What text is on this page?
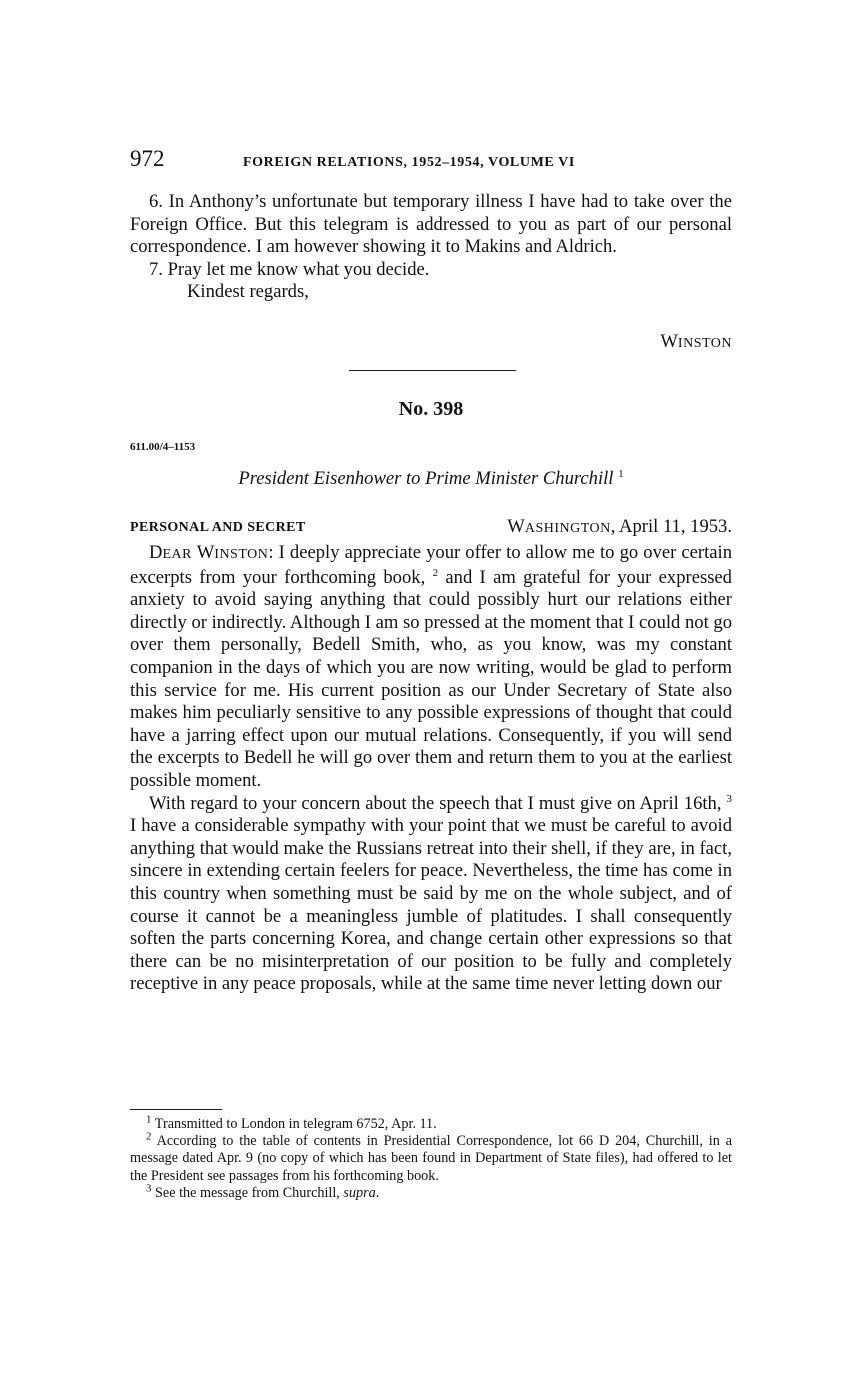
972	FOREIGN RELATIONS, 1952–1954, VOLUME VI

6. In Anthony’s unfortunate but temporary illness I have had to take over the Foreign Office. But this telegram is addressed to you as part of our personal correspondence. I am however showing it to Makins and Aldrich.

7. Pray let me know what you decide.

Kindest regards,

WINSTON
No. 398
611.00/4–1153
President Eisenhower to Prime Minister Churchill $^1$
PERSONAL AND SECRET	WASHINGTON, April 11, 1953.

DEAR WINSTON: I deeply appreciate your offer to allow me to go over certain excerpts from your forthcoming book, $^2$ and I am grateful for your expressed anxiety to avoid saying anything that could possibly hurt our relations either directly or indirectly. Although I am so pressed at the moment that I could not go over them personally, Bedell Smith, who, as you know, was my constant companion in the days of which you are now writing, would be glad to perform this service for me. His current position as our Under Secretary of State also makes him peculiarly sensitive to any possible expressions of thought that could have a jarring effect upon our mutual relations. Consequently, if you will send the excerpts to Bedell he will go over them and return them to you at the earliest possible moment.

With regard to your concern about the speech that I must give on April 16th, $^3$ I have a considerable sympathy with your point that we must be careful to avoid anything that would make the Russians retreat into their shell, if they are, in fact, sincere in extending certain feelers for peace. Nevertheless, the time has come in this country when something must be said by me on the whole subject, and of course it cannot be a meaningless jumble of platitudes. I shall consequently soften the parts concerning Korea, and change certain other expressions so that there can be no misinterpretation of our position to be fully and completely receptive in any peace proposals, while at the same time never letting down our

$^1$ Transmitted to London in telegram 6752, Apr. 11.

$^2$ According to the table of contents in Presidential Correspondence, lot 66 D 204, Churchill, in a message dated Apr. 9 (no copy of which has been found in Department of State files), had offered to let the President see passages from his forthcoming book.

$^3$ See the message from Churchill, supra.
